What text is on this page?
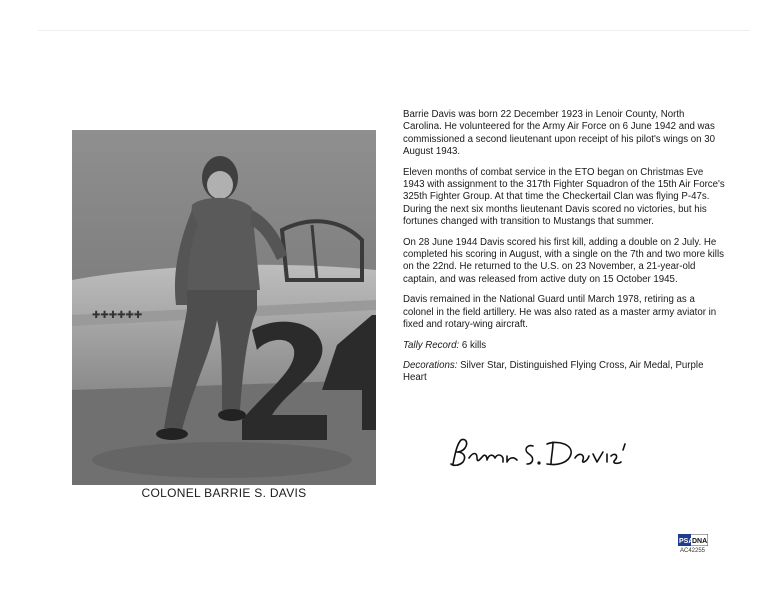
✚✚✚✚✚✚
COLONEL BARRIE S. DAVIS

Barrie Davis was born 22 December 1923 in Lenoir County, North Carolina. He volunteered for the Army Air Force on 6 June 1942 and was commissioned a second lieutenant upon receipt of his pilot's wings on 30 August 1943.

Eleven months of combat service in the ETO began on Christmas Eve 1943 with assignment to the 317th Fighter Squadron of the 15th Air Force's 325th Fighter Group. At that time the Checkertail Clan was flying P-47s. During the next six months lieutenant Davis scored no victories, but his fortunes changed with transition to Mustangs that summer.

On 28 June 1944 Davis scored his first kill, adding a double on 2 July. He completed his scoring in August, with a single on the 7th and two more kills on the 22nd. He returned to the U.S. on 23 November, a 21-year-old captain, and was released from active duty on 15 October 1945.

Davis remained in the National Guard until March 1978, retiring as a colonel in the field artillery. He was also rated as a master army aviator in fixed and rotary-wing aircraft.

Tally Record: 6 kills

Decorations: Silver Star, Distinguished Flying Cross, Air Medal, Purple Heart

PSA
DNA
AC42255
